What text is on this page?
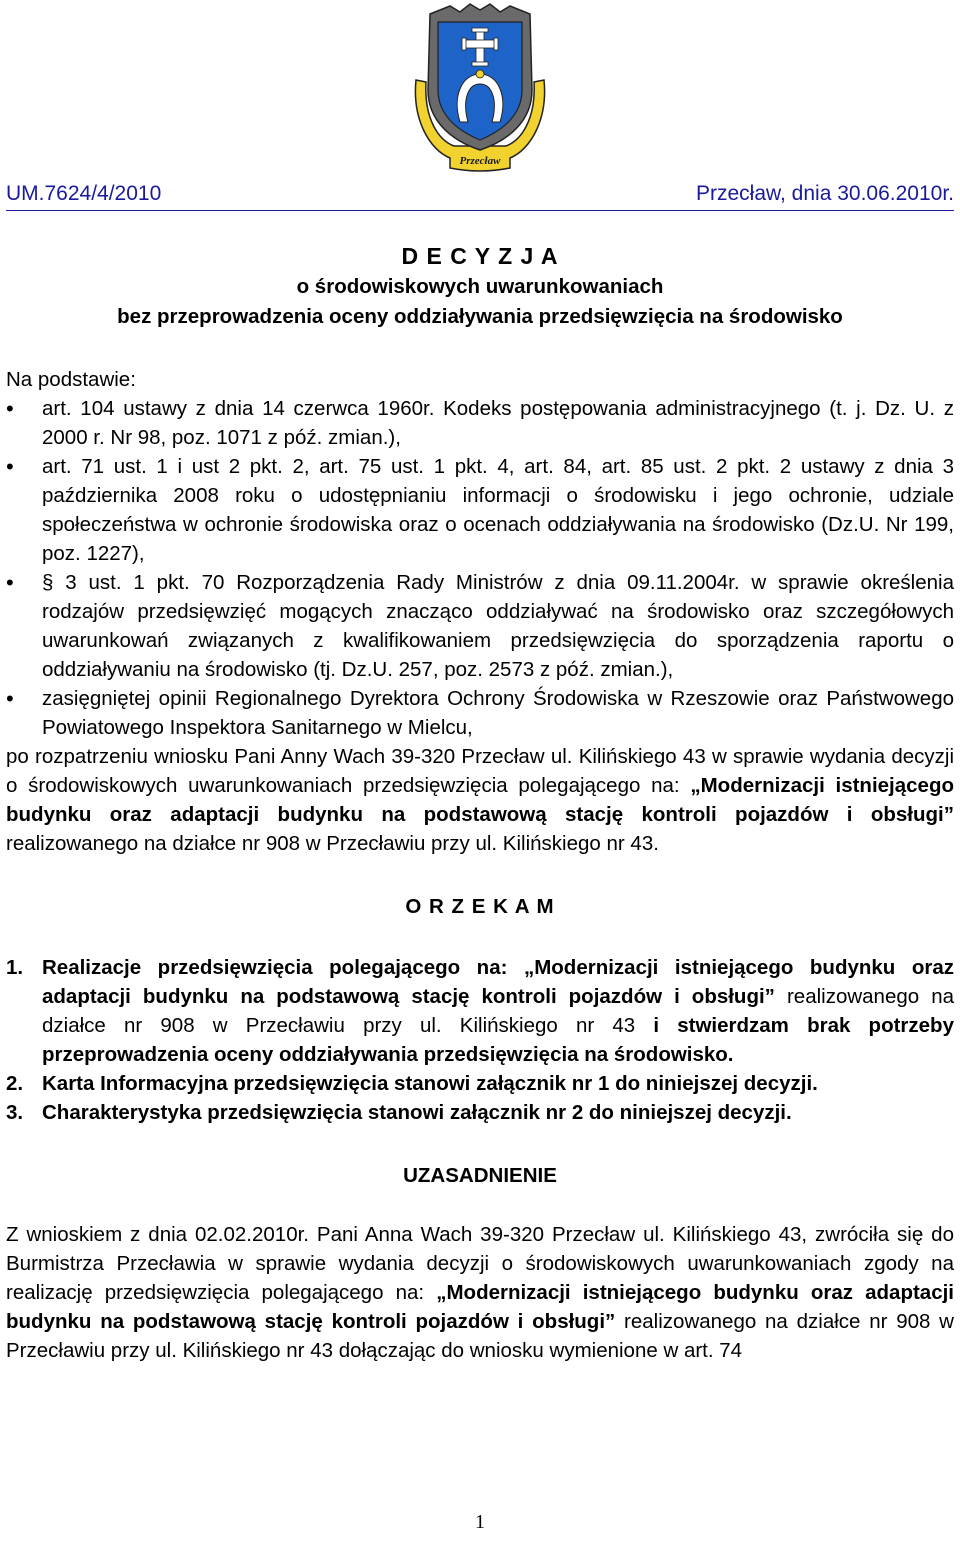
Przecław
UM.7624/4/2010	Przecław, dnia 30.06.2010r.
D E C Y Z J A
o środowiskowych uwarunkowaniach
bez przeprowadzenia oceny oddziaływania przedsięwzięcia na środowisko

Na podstawie:

• art. 104 ustawy z dnia 14 czerwca 1960r. Kodeks postępowania administracyjnego (t. j. Dz. U. z 2000 r. Nr 98, poz. 1071 z póź. zmian.),
• art. 71 ust. 1 i ust 2 pkt. 2, art. 75 ust. 1 pkt. 4, art. 84, art. 85 ust. 2 pkt. 2 ustawy z dnia 3 października 2008 roku o udostępnianiu informacji o środowisku i jego ochronie, udziale społeczeństwa w ochronie środowiska oraz o ocenach oddziaływania na środowisko (Dz.U. Nr 199, poz. 1227),
• § 3 ust. 1 pkt. 70 Rozporządzenia Rady Ministrów z dnia 09.11.2004r. w sprawie określenia rodzajów przedsięwzięć mogących znacząco oddziaływać na środowisko oraz szczegółowych uwarunkowań związanych z kwalifikowaniem przedsięwzięcia do sporządzenia raportu o oddziaływaniu na środowisko (tj. Dz.U. 257, poz. 2573 z póź. zmian.),
• zasięgniętej opinii Regionalnego Dyrektora Ochrony Środowiska w Rzeszowie oraz Państwowego Powiatowego Inspektora Sanitarnego w Mielcu,

po rozpatrzeniu wniosku Pani Anny Wach 39-320 Przecław ul. Kilińskiego 43 w sprawie wydania decyzji o środowiskowych uwarunkowaniach przedsięwzięcia polegającego na: „Modernizacji istniejącego budynku oraz adaptacji budynku na podstawową stację kontroli pojazdów i obsługi” realizowanego na działce nr 908 w Przecławiu przy ul. Kilińskiego nr 43.

O R Z E K A M
1. Realizacje przedsięwzięcia polegającego na: „Modernizacji istniejącego budynku oraz adaptacji budynku na podstawową stację kontroli pojazdów i obsługi” realizowanego na działce nr 908 w Przecławiu przy ul. Kilińskiego nr 43 i stwierdzam brak potrzeby przeprowadzenia oceny oddziaływania przedsięwzięcia na środowisko.
2. Karta Informacyjna przedsięwzięcia stanowi załącznik nr 1 do niniejszej decyzji.
3. Charakterystyka przedsięwzięcia stanowi załącznik nr 2 do niniejszej decyzji.
UZASADNIENIE

Z wnioskiem z dnia 02.02.2010r. Pani Anna Wach 39-320 Przecław ul. Kilińskiego 43, zwróciła się do Burmistrza Przecławia w sprawie wydania decyzji o środowiskowych uwarunkowaniach zgody na realizację przedsięwzięcia polegającego na: „Modernizacji istniejącego budynku oraz adaptacji budynku na podstawową stację kontroli pojazdów i obsługi” realizowanego na działce nr 908 w Przecławiu przy ul. Kilińskiego nr 43 dołączając do wniosku wymienione w art. 74

1
